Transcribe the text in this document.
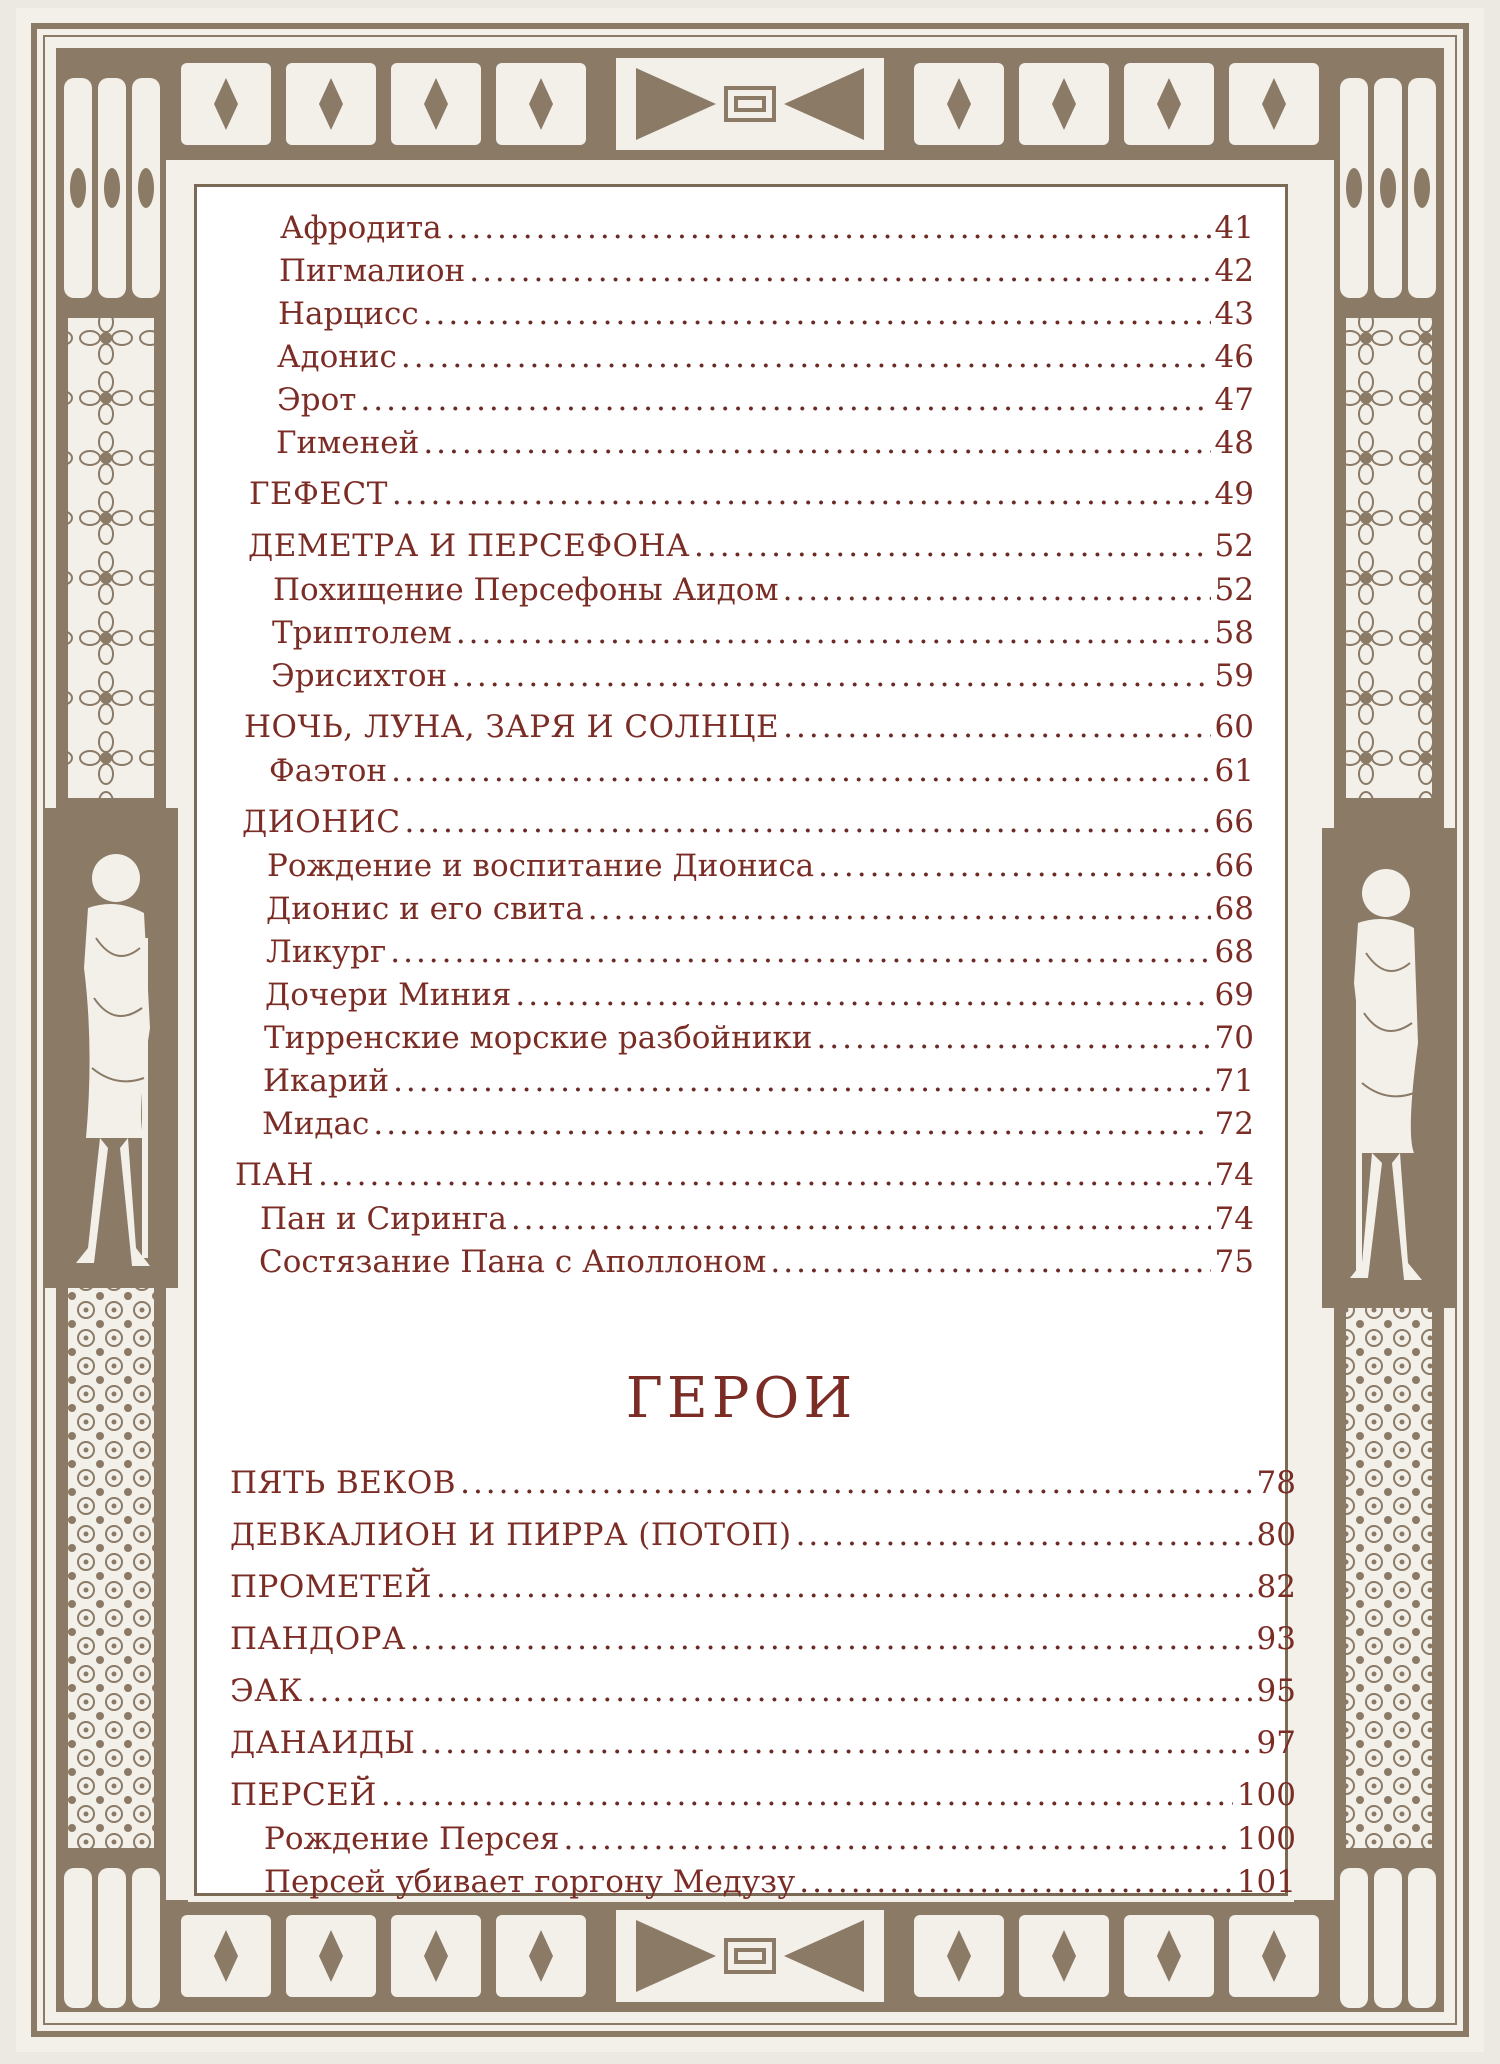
Афродита .....	41
Пигмалион .....	42
Нарцисс .....	43
Адонис .....	46
Эрот .....	47
Гименей .....	48
ГЕФЕСТ .....	49
ДЕМЕТРА И ПЕРСЕФОНА .....	52
Похищение Персефоны Аидом .....	52
Триптолем .....	58
Эрисихтон .....	59
НОЧЬ, ЛУНА, ЗАРЯ И СОЛНЦЕ .....	60
Фаэтон .....	61
ДИОНИС .....	66
Рождение и воспитание Диониса .....	66
Дионис и его свита .....	68
Ликург .....	68
Дочери Миния .....	69
Тирренские морские разбойники .....	70
Икарий .....	71
Мидас .....	72
ПАН .....	74
Пан и Сиринга .....	74
Состязание Пана с Аполлоном .....	75
ПЯТЬ ВЕКОВ .....	78
ДЕВКАЛИОН И ПИРРА (ПОТОП) .....	80
ПРОМЕТЕЙ .....	82
ПАНДОРА .....	93
ЭАК .....	95
ДАНАИДЫ .....	97
ПЕРСЕЙ .....	100
Рождение Персея .....	100
Персей убивает горгону Медузу .....	101
ГЕРОИ
